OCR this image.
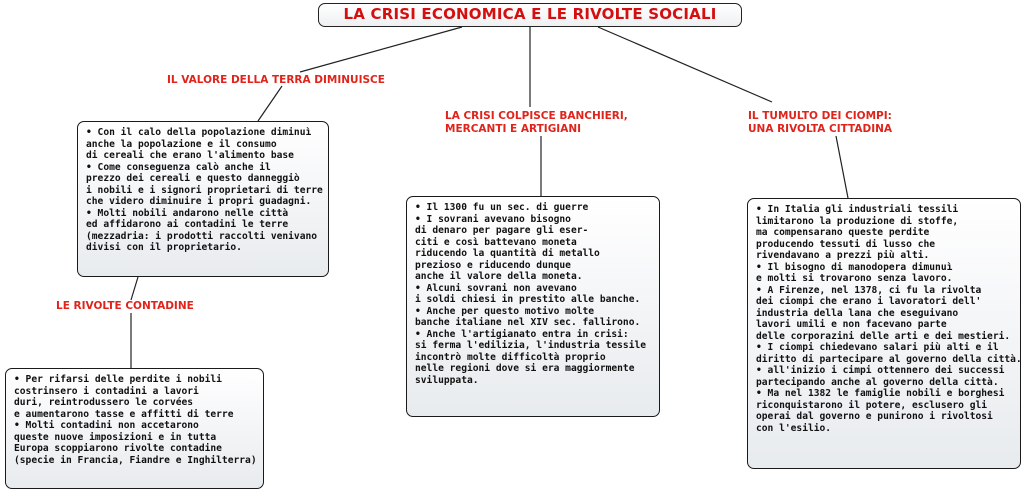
LA CRISI ECONOMICA E LE RIVOLTE SOCIALI
IL VALORE DELLA TERRA DIMINUISCE
• Con il calo della popolazione diminuì
anche la popolazione e il consumo
di cereali che erano l'alimento base
• Come conseguenza calò anche il
prezzo dei cereali e questo danneggiò
i nobili e i signori proprietari di terre
che videro diminuire i propri guadagni.
• Molti nobili andarono nelle città
ed affidarono ai contadini le terre
(mezzadria: i prodotti raccolti venivano
divisi con il proprietario.
LE RIVOLTE CONTADINE
• Per rifarsi delle perdite i nobili
costrinsero i contadini a lavori
duri, reintrodussero le corvées
e aumentarono tasse e affitti di terre
• Molti contadini non accetarono
queste nuove imposizioni e in tutta
Europa scoppiarono rivolte contadine
(specie in Francia, Fiandre e Inghilterra)
LA CRISI COLPISCE BANCHIERI,
MERCANTI E ARTIGIANI
• Il 1300 fu un sec. di guerre
• I sovrani avevano bisogno
di denaro per pagare gli eser-
citi e così battevano moneta
riducendo la quantità di metallo
prezioso e riducendo dunque
anche il valore della moneta.
• Alcuni sovrani non avevano
i soldi chiesi in prestito alle banche.
• Anche per questo motivo molte
banche italiane nel XIV sec. fallirono.
• Anche l'artigianato entra in crisi:
si ferma l'edilizia, l'industria tessile
incontrò molte difficoltà proprio
nelle regioni dove si era maggiormente
sviluppata.
IL TUMULTO DEI CIOMPI:
UNA RIVOLTA CITTADINA
• In Italia gli industriali tessili
limitarono la produzione di stoffe,
ma compensarano queste perdite
producendo tessuti di lusso che
rivendavano a prezzi più alti.
• Il bisogno di manodopera dimunuì
e molti si trovarono senza lavoro.
• A Firenze, nel 1378, ci fu la rivolta
dei ciompi che erano i lavoratori dell'
industria della lana che eseguivano
lavori umili e non facevano parte
delle corporazini delle arti e dei mestieri.
• I ciompi chiedevano salari più alti e il
diritto di partecipare al governo della città.
• all'inizio i cimpi ottennero dei successi
partecipando anche al governo della città.
• Ma nel 1382 le famiglie nobili e borghesi
riconquistarono il potere, esclusero gli
operai dal governo e punirono i rivoltosi
con l'esilio.
